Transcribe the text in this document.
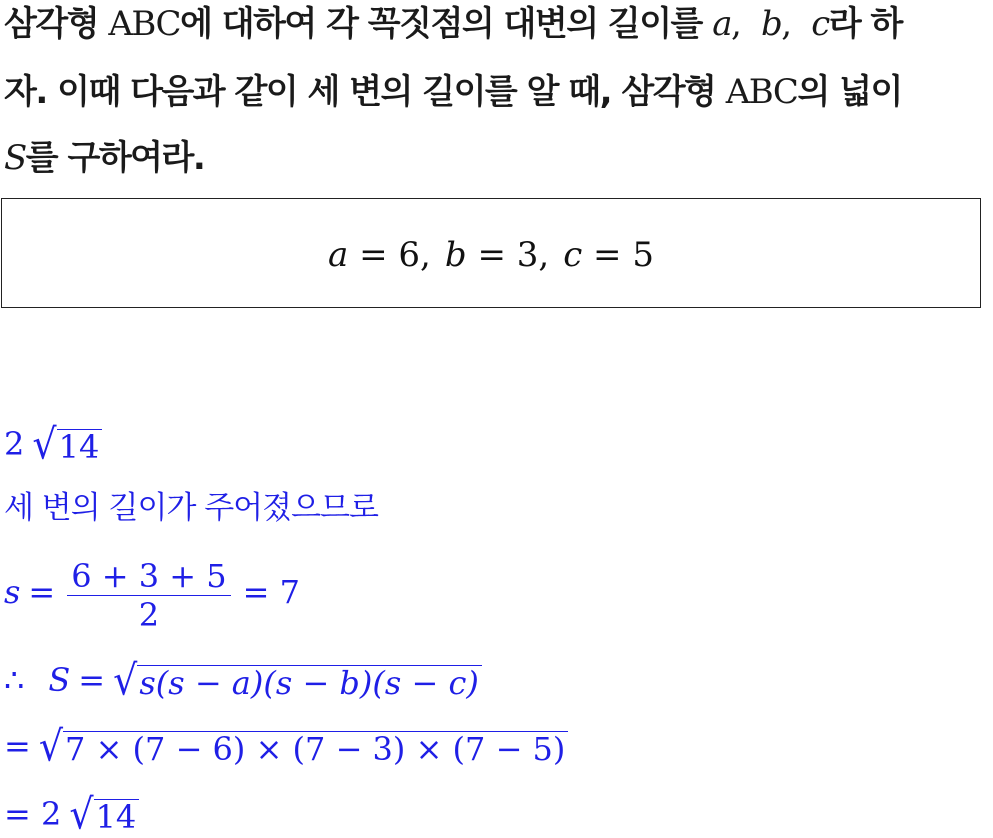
삼각형 ABC에 대하여 각 꼭짓점의 대변의 길이를 a, b, c라 하
자. 이때 다음과 같이 세 변의 길이를 알 때, 삼각형 ABC의 넓이
S를 구하여라.
a = 6, b = 3, c = 5
2 √ 14
세 변의 길이가 주어졌으므로
$s = \frac{6 + 3 + 5}{2} = 7$
∴ S = √ s(s − a)(s − b)(s − c)
= √ 7 × (7 − 6) × (7 − 3) × (7 − 5)
= 2 √ 14
